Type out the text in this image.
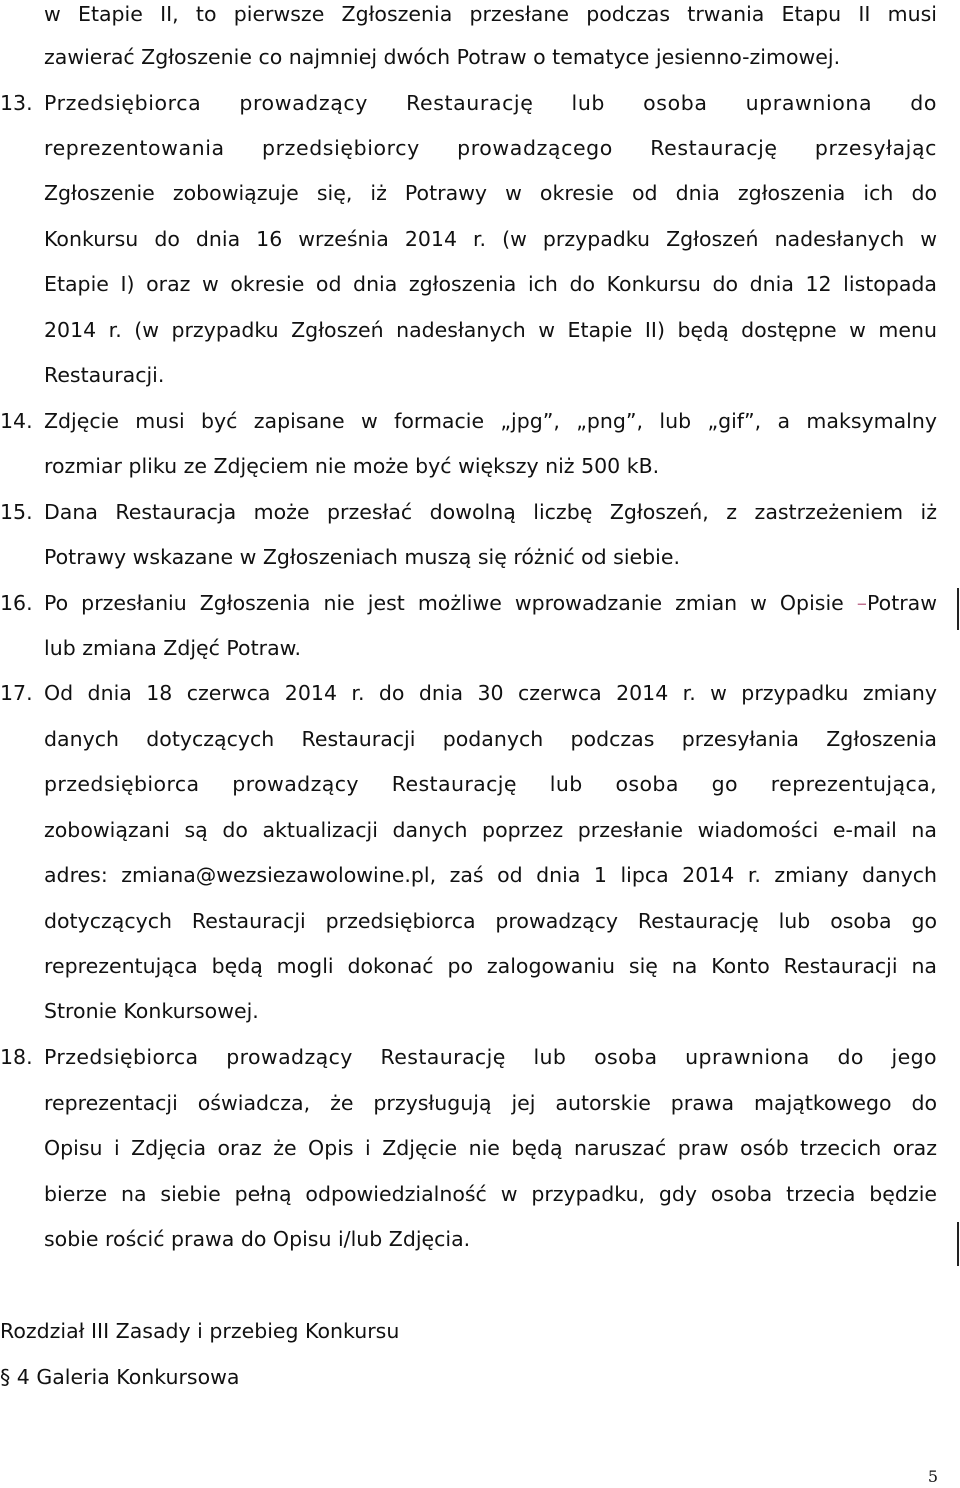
w Etapie II, to pierwsze Zgłoszenia przesłane podczas trwania Etapu II musi
zawierać Zgłoszenie co najmniej dwóch Potraw o tematyce jesienno-zimowej.
13. Przedsiębiorca prowadzący Restaurację lub osoba uprawniona do
reprezentowania przedsiębiorcy prowadzącego Restaurację przesyłając
Zgłoszenie zobowiązuje się, iż Potrawy w okresie od dnia zgłoszenia ich do
Konkursu do dnia 16 września 2014 r. (w przypadku Zgłoszeń nadesłanych w
Etapie I) oraz w okresie od dnia zgłoszenia ich do Konkursu do dnia 12 listopada
2014 r. (w przypadku Zgłoszeń nadesłanych w Etapie II) będą dostępne w menu
Restauracji.
14. Zdjęcie musi być zapisane w formacie „jpg”, „png”, lub „gif”, a maksymalny
rozmiar pliku ze Zdjęciem nie może być większy niż 500 kB.
15. Dana Restauracja może przesłać dowolną liczbę Zgłoszeń, z zastrzeżeniem iż
Potrawy wskazane w Zgłoszeniach muszą się różnić od siebie.
16. Po przesłaniu Zgłoszenia nie jest możliwe wprowadzanie zmian w Opisie –Potraw
lub zmiana Zdjęć Potraw.
17. Od dnia 18 czerwca 2014 r. do dnia 30 czerwca 2014 r. w przypadku zmiany
danych dotyczących Restauracji podanych podczas przesyłania Zgłoszenia
przedsiębiorca prowadzący Restaurację lub osoba go reprezentująca,
zobowiązani są do aktualizacji danych poprzez przesłanie wiadomości e-mail na
adres: zmiana@wezsiezawolowine.pl, zaś od dnia 1 lipca 2014 r. zmiany danych
dotyczących Restauracji przedsiębiorca prowadzący Restaurację lub osoba go
reprezentująca będą mogli dokonać po zalogowaniu się na Konto Restauracji na
Stronie Konkursowej.
18. Przedsiębiorca prowadzący Restaurację lub osoba uprawniona do jego
reprezentacji oświadcza, że przysługują jej autorskie prawa majątkowego do
Opisu i Zdjęcia oraz że Opis i Zdjęcie nie będą naruszać praw osób trzecich oraz
bierze na siebie pełną odpowiedzialność w przypadku, gdy osoba trzecia będzie
sobie rościć prawa do Opisu i/lub Zdjęcia.
Rozdział III Zasady i przebieg Konkursu
§ 4 Galeria Konkursowa
5
